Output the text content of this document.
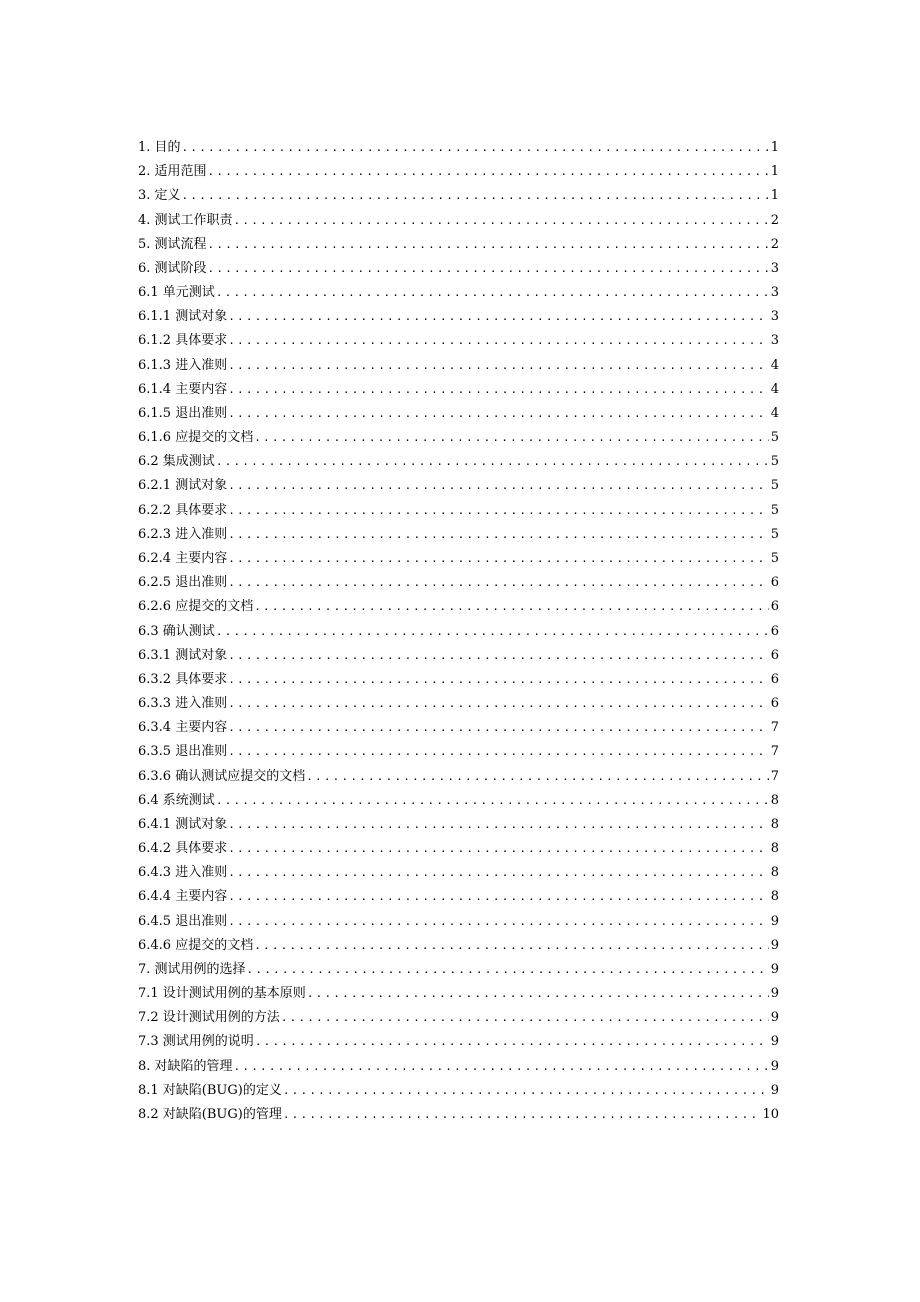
1. 目的 .....	1
2. 适用范围 .....	1
3. 定义 .....	1
4. 测试工作职责 .....	2
5. 测试流程 .....	2
6. 测试阶段 .....	3
6.1 单元测试 .....	3
6.1.1 测试对象 .....	3
6.1.2 具体要求 .....	3
6.1.3 进入准则 .....	4
6.1.4 主要内容 .....	4
6.1.5 退出准则 .....	4
6.1.6 应提交的文档 .....	5
6.2 集成测试 .....	5
6.2.1 测试对象 .....	5
6.2.2 具体要求 .....	5
6.2.3 进入准则 .....	5
6.2.4 主要内容 .....	5
6.2.5 退出准则 .....	6
6.2.6 应提交的文档 .....	6
6.3 确认测试 .....	6
6.3.1 测试对象 .....	6
6.3.2 具体要求 .....	6
6.3.3 进入准则 .....	6
6.3.4 主要内容 .....	7
6.3.5 退出准则 .....	7
6.3.6 确认测试应提交的文档 .....	7
6.4 系统测试 .....	8
6.4.1 测试对象 .....	8
6.4.2 具体要求 .....	8
6.4.3 进入准则 .....	8
6.4.4 主要内容 .....	8
6.4.5 退出准则 .....	9
6.4.6 应提交的文档 .....	9
7. 测试用例的选择 .....	9
7.1 设计测试用例的基本原则 .....	9
7.2 设计测试用例的方法 .....	9
7.3 测试用例的说明 .....	9
8. 对缺陷的管理 .....	9
8.1 对缺陷(BUG)的定义 .....	9
8.2 对缺陷(BUG)的管理 .....	10
